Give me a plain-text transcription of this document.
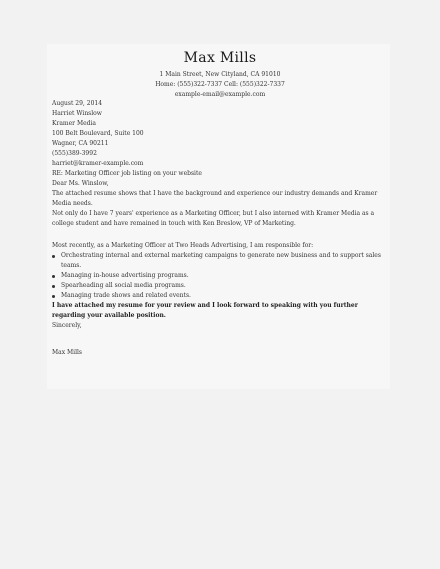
Max Mills
1 Main Street, New Cityland, CA 91010
Home: (555)322-7337 Cell: (555)322-7337
example-email@example.com
August 29, 2014
Harriet Winslow
Kramer Media
100 Belt Boulevard, Suite 100
Wagner, CA 90211
(555)389-3992
harriet@kramer-example.com
RE: Marketing Officer job listing on your website
Dear Ms. Winslow,
The attached resume shows that I have the background and experience our industry demands and Kramer Media needs.
Not only do I have 7 years' experience as a Marketing Officer, but I also interned with Kramer Media as a college student and have remained in touch with Ken Breslow, VP of Marketing.
Most recently, as a Marketing Officer at Two Heads Advertising, I am responsible for:
Orchestrating internal and external marketing campaigns to generate new business and to support sales teams.
Managing in-house advertising programs.
Spearheading all social media programs.
Managing trade shows and related events.
I have attached my resume for your review and I look forward to speaking with you further regarding your available position.
Sincerely,
Max Mills
